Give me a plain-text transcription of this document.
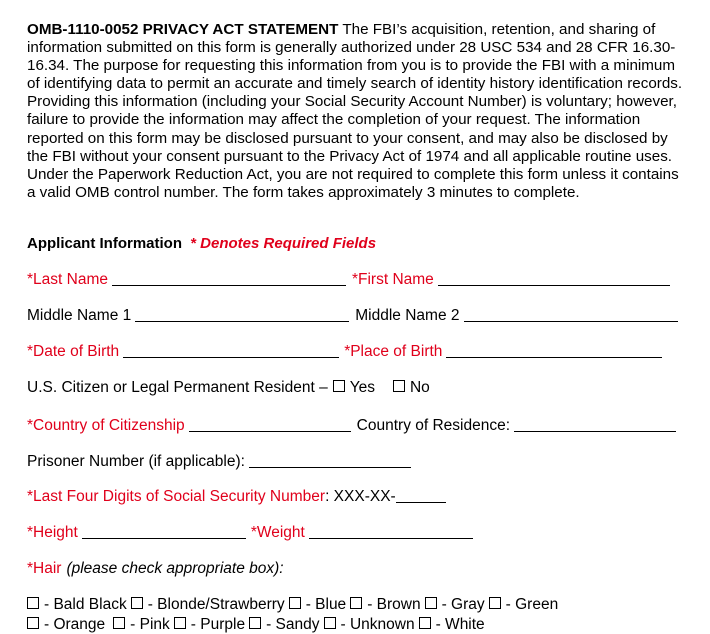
OMB-1110-0052 PRIVACY ACT STATEMENT The FBI’s acquisition, retention, and sharing of information submitted on this form is generally authorized under 28 USC 534 and 28 CFR 16.30-16.34. The purpose for requesting this information from you is to provide the FBI with a minimum of identifying data to permit an accurate and timely search of identity history identification records. Providing this information (including your Social Security Account Number) is voluntary; however, failure to provide the information may affect the completion of your request. The information reported on this form may be disclosed pursuant to your consent, and may also be disclosed by the FBI without your consent pursuant to the Privacy Act of 1974 and all applicable routine uses. Under the Paperwork Reduction Act, you are not required to complete this form unless it contains a valid OMB control number. The form takes approximately 3 minutes to complete.

Applicant Information * Denotes Required Fields
*Last Name	*First Name
Middle Name 1	Middle Name 2
*Date of Birth	*Place of Birth
U.S. Citizen or Legal Permanent Resident – Yes No
*Country of Citizenship	Country of Residence:
Prisoner Number (if applicable):
*Last Four Digits of Social Security Number : XXX-XX-
*Height	*Weight
*Hair (please check appropriate box):
- Bald Black - Blonde/Strawberry - Blue - Brown - Gray - Green
- Orange - Pink - Purple - Sandy - Unknown - White
